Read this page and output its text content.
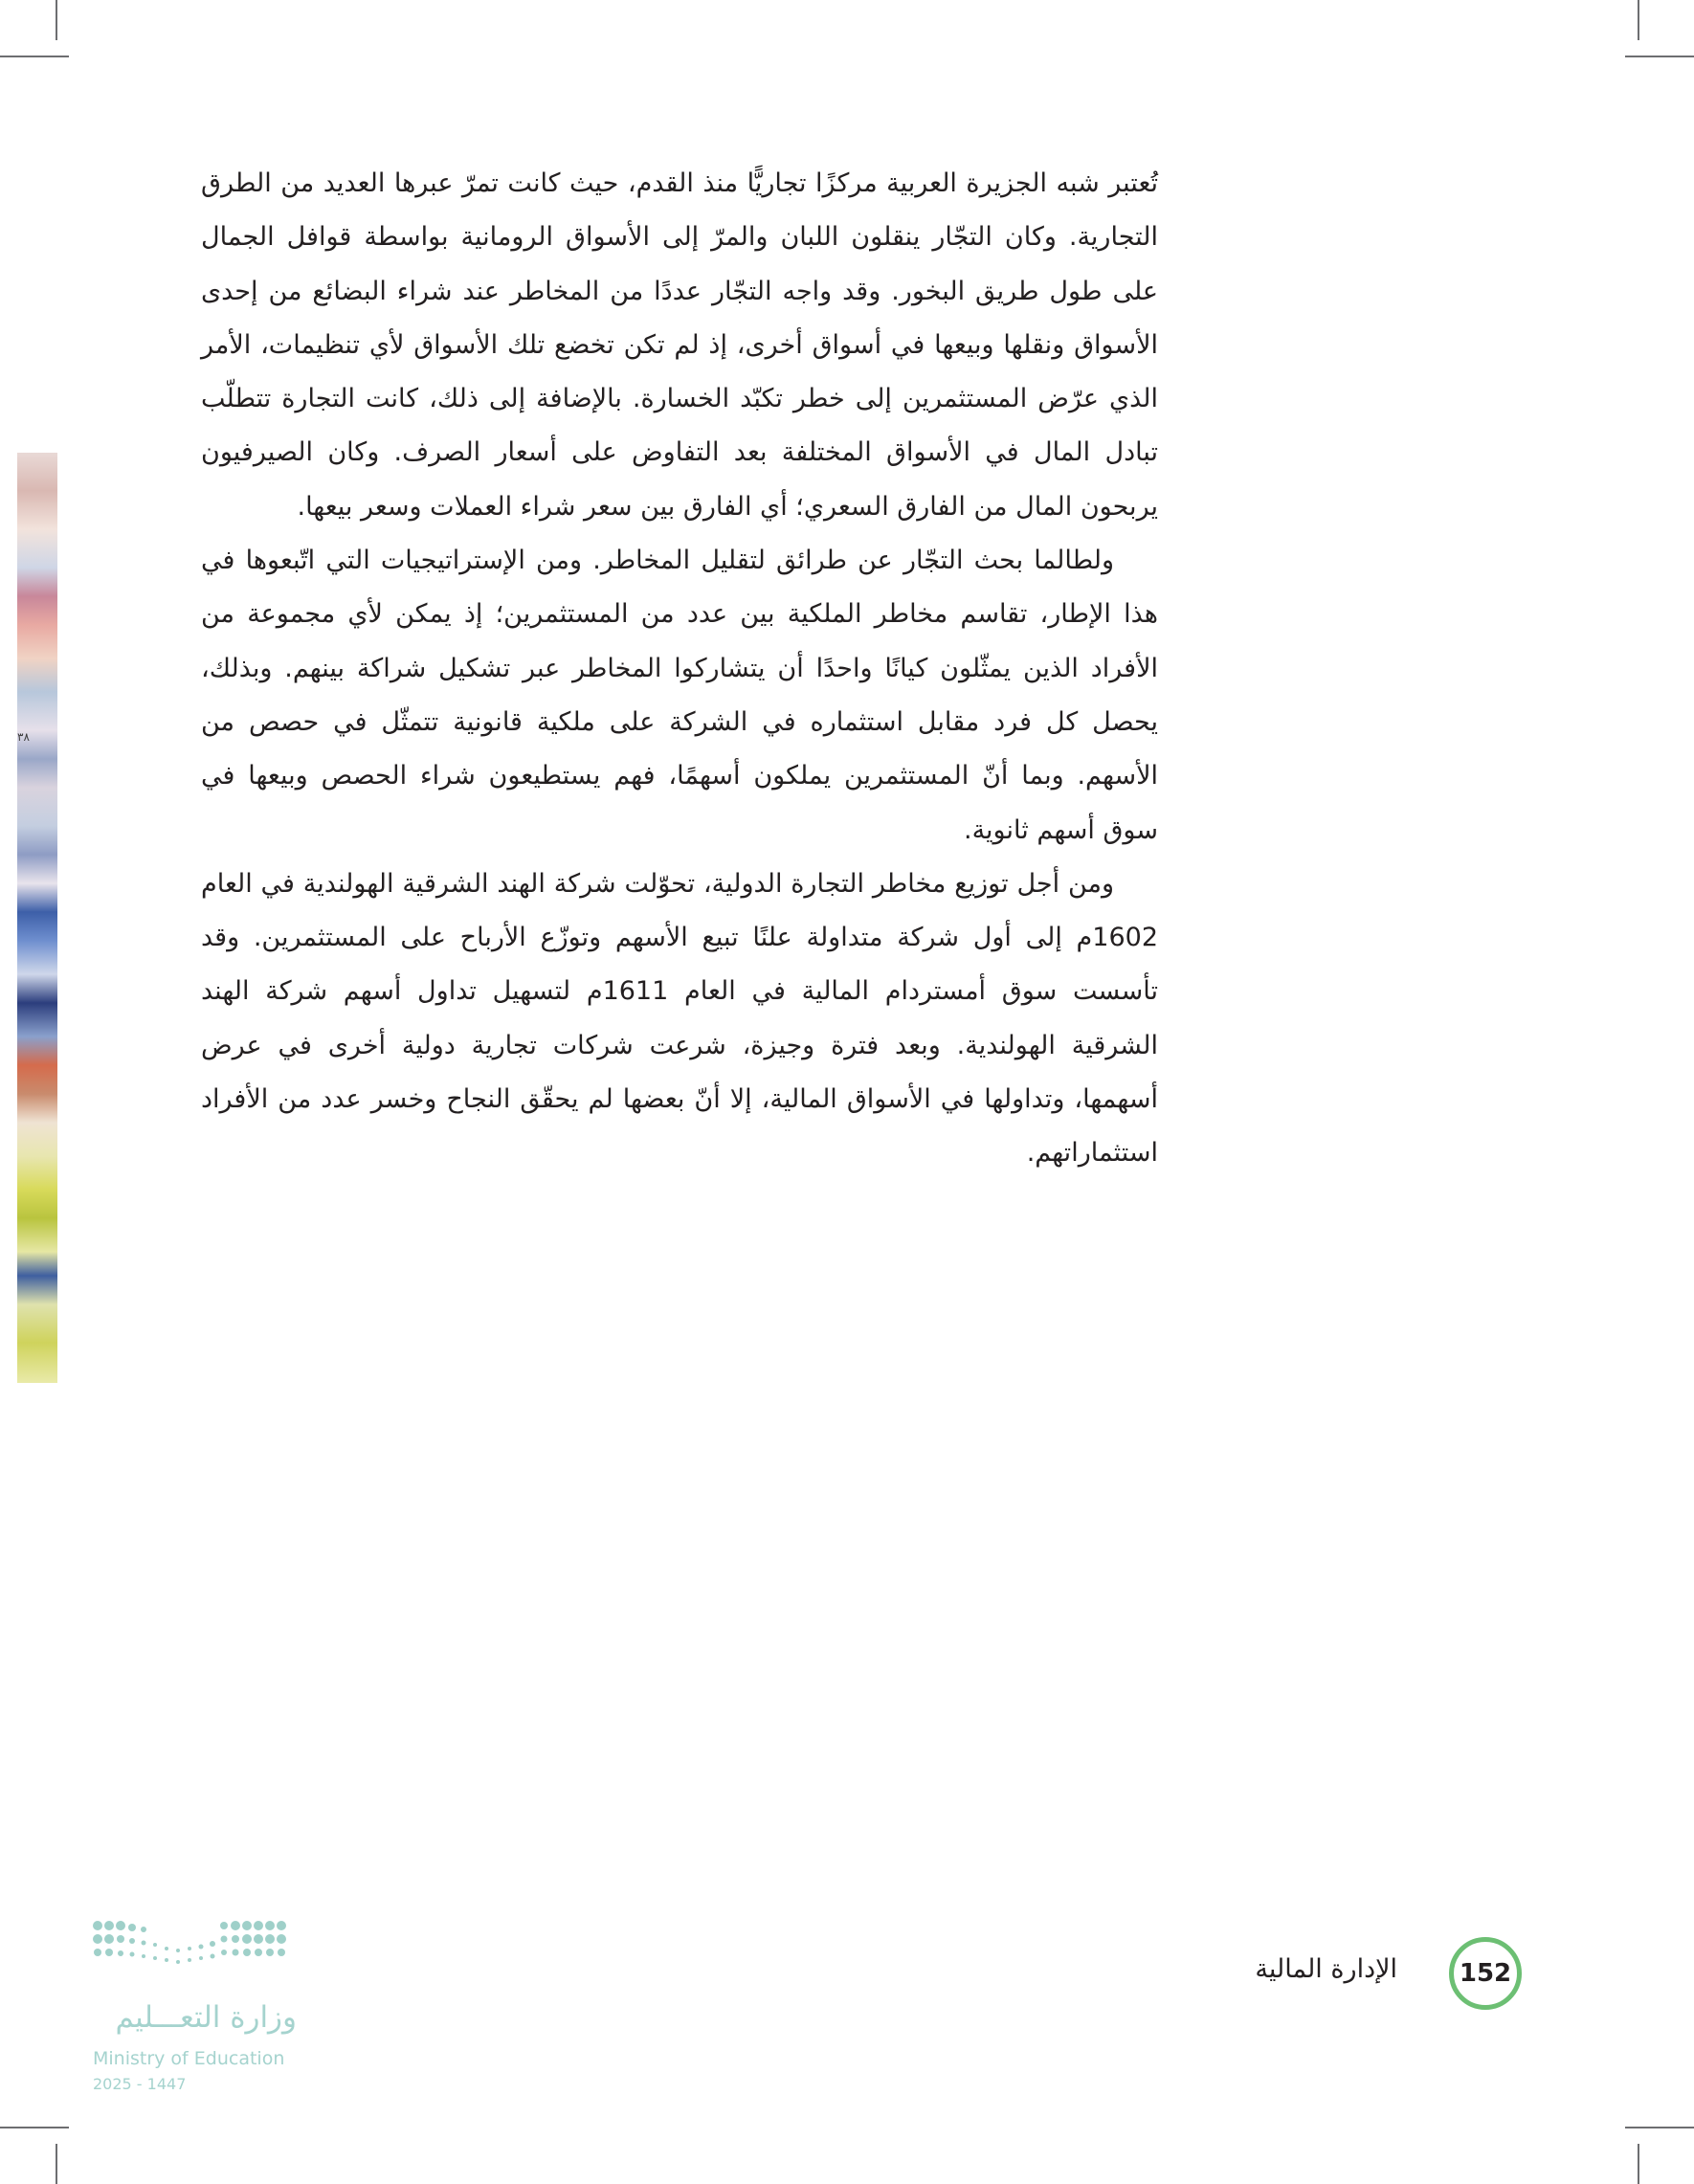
٣٨

تُعتبر شبه الجزيرة العربية مركزًا تجاريًّا منذ القدم، حيث كانت تمرّ عبرها العديد من الطرق التجارية. وكان التجّار ينقلون اللبان والمرّ إلى الأسواق الرومانية بواسطة قوافل الجمال على طول طريق البخور. وقد واجه التجّار عددًا من المخاطر عند شراء البضائع من إحدى الأسواق ونقلها وبيعها في أسواق أخرى، إذ لم تكن تخضع تلك الأسواق لأي تنظيمات، الأمر الذي عرّض المستثمرين إلى خطر تكبّد الخسارة. بالإضافة إلى ذلك، كانت التجارة تتطلّب تبادل المال في الأسواق المختلفة بعد التفاوض على أسعار الصرف. وكان الصيرفيون يربحون المال من الفارق السعري؛ أي الفارق بين سعر شراء العملات وسعر بيعها.

ولطالما بحث التجّار عن طرائق لتقليل المخاطر. ومن الإستراتيجيات التي اتّبعوها في هذا الإطار، تقاسم مخاطر الملكية بين عدد من المستثمرين؛ إذ يمكن لأي مجموعة من الأفراد الذين يمثّلون كيانًا واحدًا أن يتشاركوا المخاطر عبر تشكيل شراكة بينهم. وبذلك، يحصل كل فرد مقابل استثماره في الشركة على ملكية قانونية تتمثّل في حصص من الأسهم. وبما أنّ المستثمرين يملكون أسهمًا، فهم يستطيعون شراء الحصص وبيعها في سوق أسهم ثانوية.

ومن أجل توزيع مخاطر التجارة الدولية، تحوّلت شركة الهند الشرقية الهولندية في العام 1602م إلى أول شركة متداولة علنًا تبيع الأسهم وتوزّع الأرباح على المستثمرين. وقد تأسست سوق أمستردام المالية في العام 1611م لتسهيل تداول أسهم شركة الهند الشرقية الهولندية. وبعد فترة وجيزة، شرعت شركات تجارية دولية أخرى في عرض أسهمها، وتداولها في الأسواق المالية، إلا أنّ بعضها لم يحقّق النجاح وخسر عدد من الأفراد استثماراتهم.

وزارة التعـــليم
Ministry of Education
2025 - 1447
الإدارة المالية	152
